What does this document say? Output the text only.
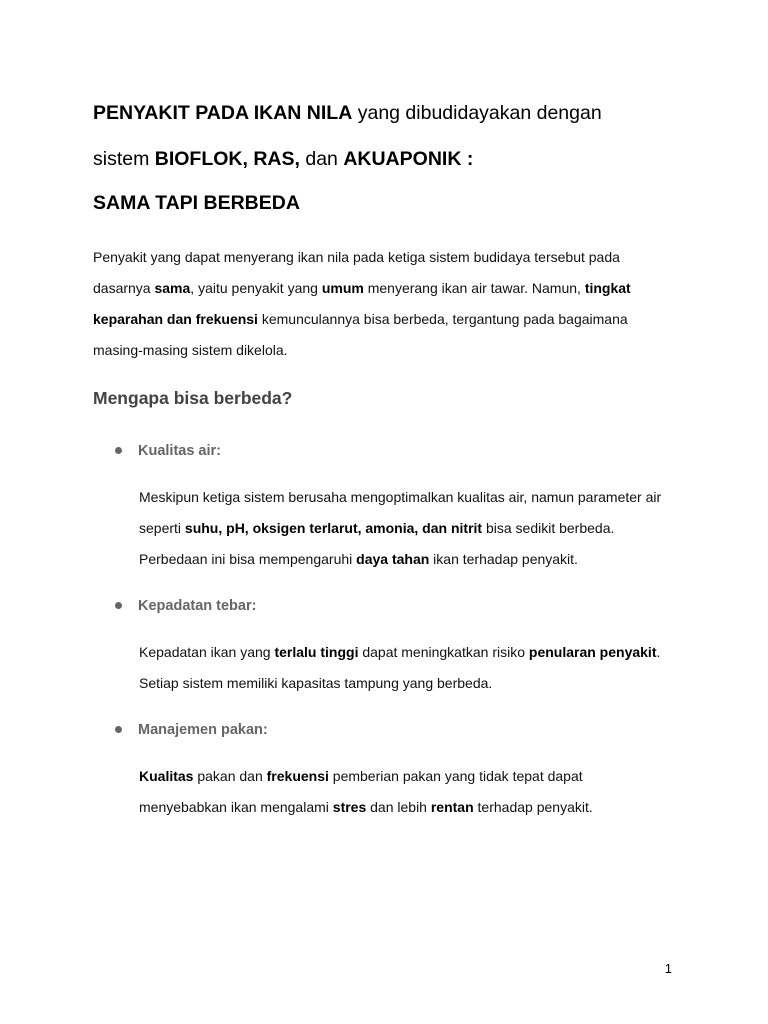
PENYAKIT PADA IKAN NILA yang dibudidayakan dengan
sistem BIOFLOK, RAS, dan AKUAPONIK :
SAMA TAPI BERBEDA
Penyakit yang dapat menyerang ikan nila pada ketiga sistem budidaya tersebut pada
dasarnya sama, yaitu penyakit yang umum menyerang ikan air tawar. Namun, tingkat
keparahan dan frekuensi kemunculannya bisa berbeda, tergantung pada bagaimana
masing-masing sistem dikelola.
Mengapa bisa berbeda?
Kualitas air:
Meskipun ketiga sistem berusaha mengoptimalkan kualitas air, namun parameter air
seperti suhu, pH, oksigen terlarut, amonia, dan nitrit bisa sedikit berbeda.
Perbedaan ini bisa mempengaruhi daya tahan ikan terhadap penyakit.
Kepadatan tebar:
Kepadatan ikan yang terlalu tinggi dapat meningkatkan risiko penularan penyakit.
Setiap sistem memiliki kapasitas tampung yang berbeda.
Manajemen pakan:
Kualitas pakan dan frekuensi pemberian pakan yang tidak tepat dapat
menyebabkan ikan mengalami stres dan lebih rentan terhadap penyakit.
1
